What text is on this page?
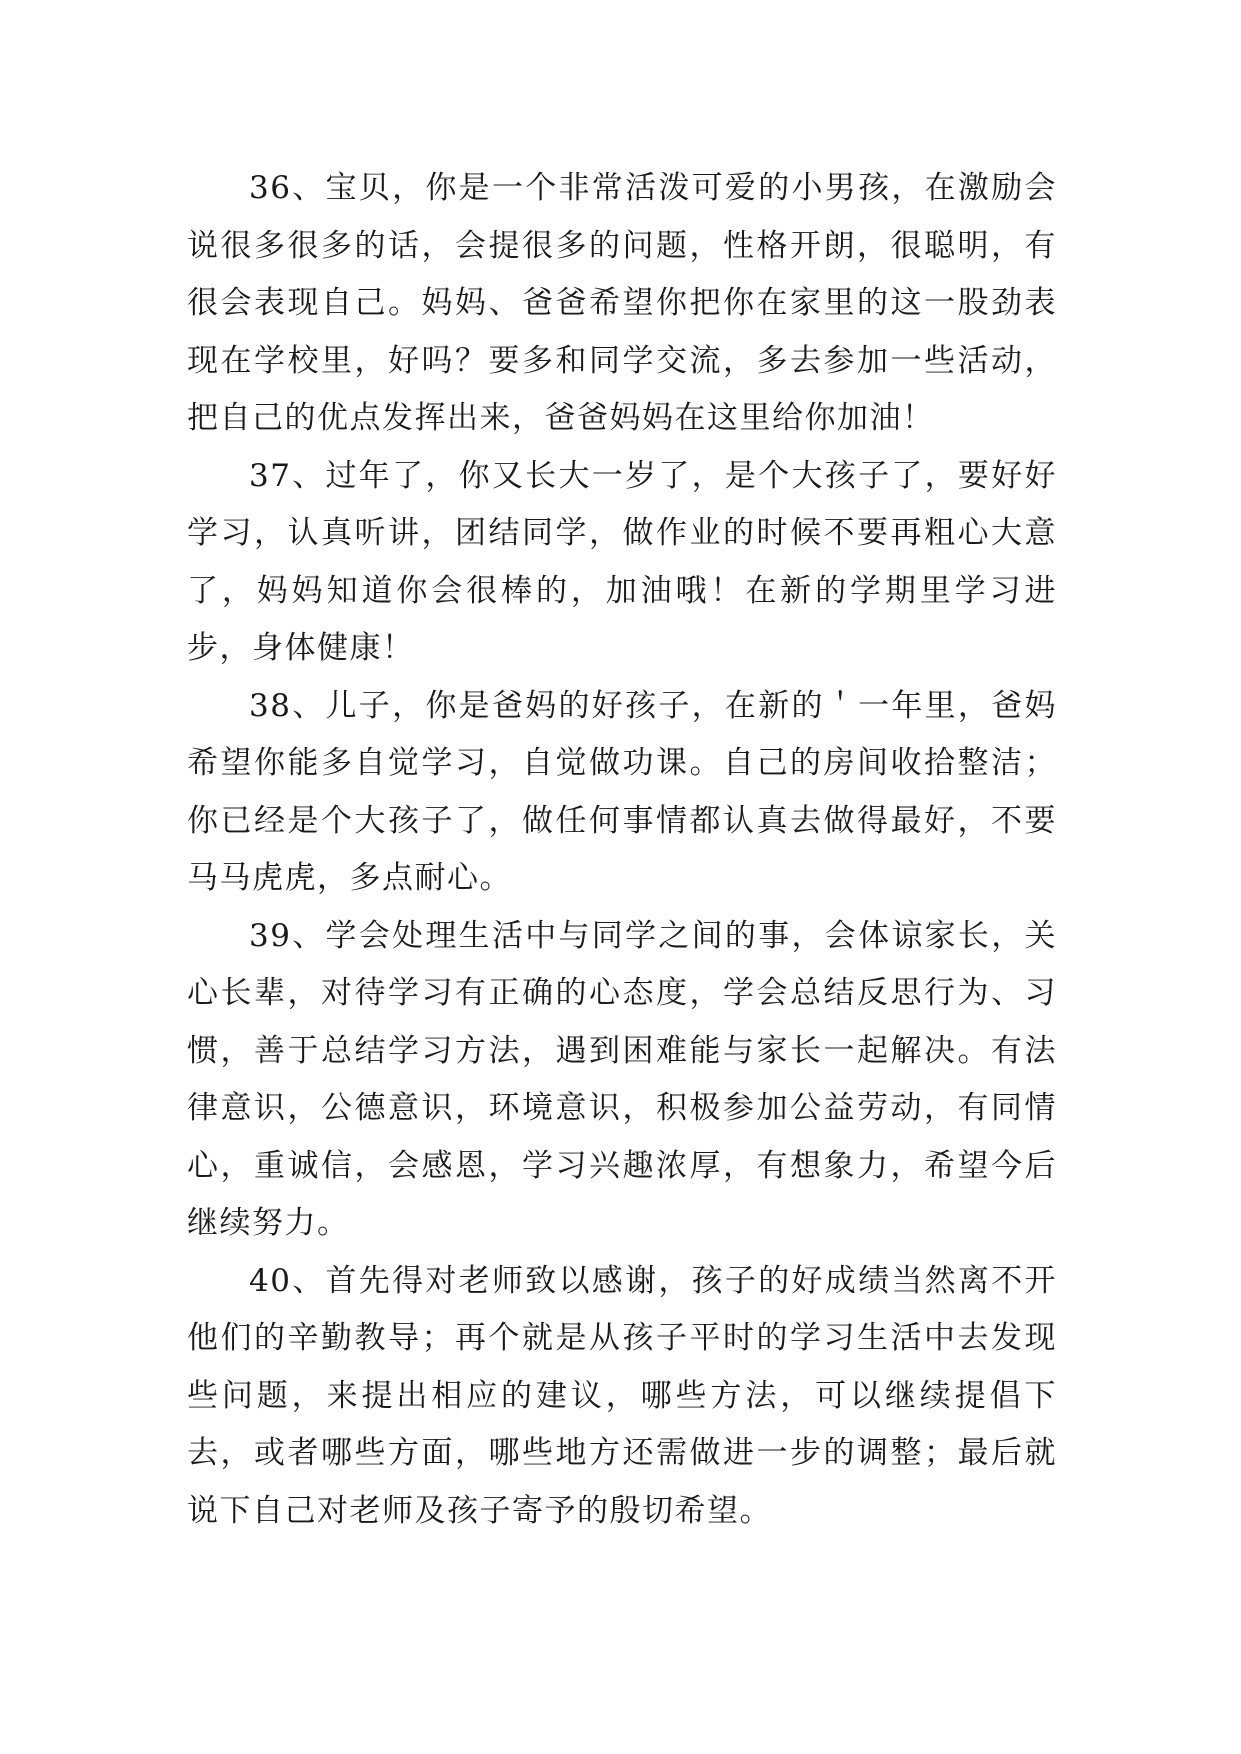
36、宝贝，你是一个非常活泼可爱的小男孩，在激励会说很多很多的话，会提很多的问题，性格开朗，很聪明，有很会表现自己。妈妈、爸爸希望你把你在家里的这一股劲表现在学校里，好吗？要多和同学交流，多去参加一些活动，把自己的优点发挥出来，爸爸妈妈在这里给你加油！

37、过年了，你又长大一岁了，是个大孩子了，要好好学习，认真听讲，团结同学，做作业的时候不要再粗心大意了，妈妈知道你会很棒的，加油哦！在新的学期里学习进步，身体健康！

38、儿子，你是爸妈的好孩子，在新的＇一年里，爸妈希望你能多自觉学习，自觉做功课。自己的房间收拾整洁；你已经是个大孩子了，做任何事情都认真去做得最好，不要马马虎虎，多点耐心。

39、学会处理生活中与同学之间的事，会体谅家长，关心长辈，对待学习有正确的心态度，学会总结反思行为、习惯，善于总结学习方法，遇到困难能与家长一起解决。有法律意识，公德意识，环境意识，积极参加公益劳动，有同情心，重诚信，会感恩，学习兴趣浓厚，有想象力，希望今后继续努力。

40、首先得对老师致以感谢，孩子的好成绩当然离不开他们的辛勤教导；再个就是从孩子平时的学习生活中去发现些问题，来提出相应的建议，哪些方法，可以继续提倡下去，或者哪些方面，哪些地方还需做进一步的调整；最后就说下自己对老师及孩子寄予的殷切希望。
